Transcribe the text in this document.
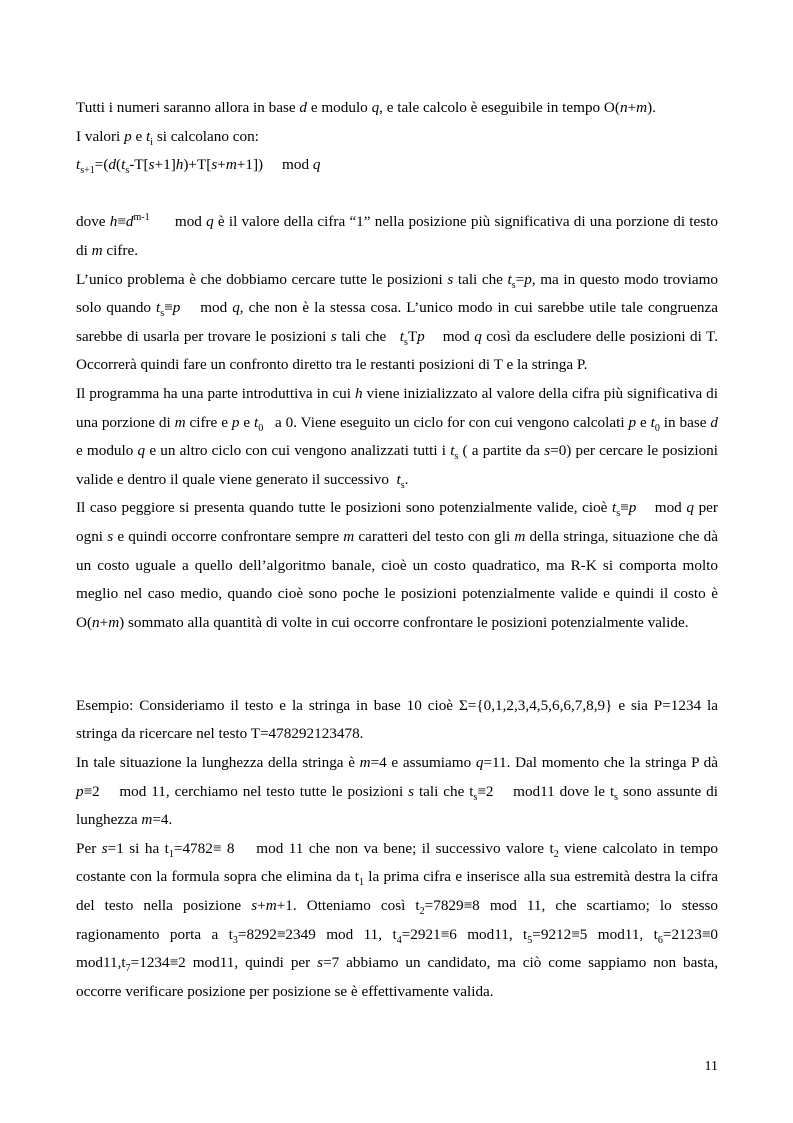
Tutti i numeri saranno allora in base d e modulo q, e tale calcolo è eseguibile in tempo O(n+m).

I valori p e $t_i$ si calcolano con:

$t_{s+1}=(d(t_s-T[s+1]h)+T[s+m+1])$     mod q

dove $h\equiv d^{m-1}$      mod q è il valore della cifra “1” nella posizione più significativa di una porzione di testo di m cifre.

L’unico problema è che dobbiamo cercare tutte le posizioni s tali che $t_s=p$, ma in questo modo troviamo solo quando $t_s\equiv p$    mod q, che non è la stessa cosa. L’unico modo in cui sarebbe utile tale congruenza sarebbe di usarla per trovare le posizioni s tali che   $t_sTp$    mod q così da escludere delle posizioni di T. Occorrerà quindi fare un confronto diretto tra le restanti posizioni di T e la stringa P.

Il programma ha una parte introduttiva in cui h viene inizializzato al valore della cifra più significativa di una porzione di m cifre e p e $t_0$   a 0. Viene eseguito un ciclo for con cui vengono calcolati p e $t_0$ in base d e modulo q e un altro ciclo con cui vengono analizzati tutti i $t_s$ ( a partite da s=0) per cercare le posizioni valide e dentro il quale viene generato il successivo  $t_s$.

Il caso peggiore si presenta quando tutte le posizioni sono potenzialmente valide, cioè $t_s\equiv p$    mod q per ogni s e quindi occorre confrontare sempre m caratteri del testo con gli m della stringa, situazione che dà un costo uguale a quello dell’algoritmo banale, cioè un costo quadratico, ma R-K si comporta molto meglio nel caso medio, quando cioè sono poche le posizioni potenzialmente valide e quindi il costo è O(n+m) sommato alla quantità di volte in cui occorre confrontare le posizioni potenzialmente valide.

Esempio: Consideriamo il testo e la stringa in base 10 cioè Σ={0,1,2,3,4,5,6,6,7,8,9} e sia P=1234 la stringa da ricercare nel testo T=478292123478.

In tale situazione la lunghezza della stringa è m=4 e assumiamo q=11. Dal momento che la stringa P dà p≡2    mod 11, cerchiamo nel testo tutte le posizioni s tali che $t_s\equiv 2$    mod11 dove le $t_s$ sono assunte di lunghezza m=4.

Per s=1 si ha $t_1=4782\equiv 8$    mod 11 che non va bene; il successivo valore $t_2$ viene calcolato in tempo costante con la formula sopra che elimina da $t_1$ la prima cifra e inserisce alla sua estremità destra la cifra del testo nella posizione s+m+1. Otteniamo così $t_2=7829\equiv 8$ mod 11, che scartiamo; lo stesso ragionamento porta a $t_3=8292\equiv 2349$ mod 11, $t_4=2921\equiv 6$ mod11, $t_5=9212\equiv 5$ mod11, $t_6=2123\equiv 0$ $mod11,t_7=1234\equiv 2$ mod11, quindi per s=7 abbiamo un candidato, ma ciò come sappiamo non basta, occorre verificare posizione per posizione se è effettivamente valida.

11
